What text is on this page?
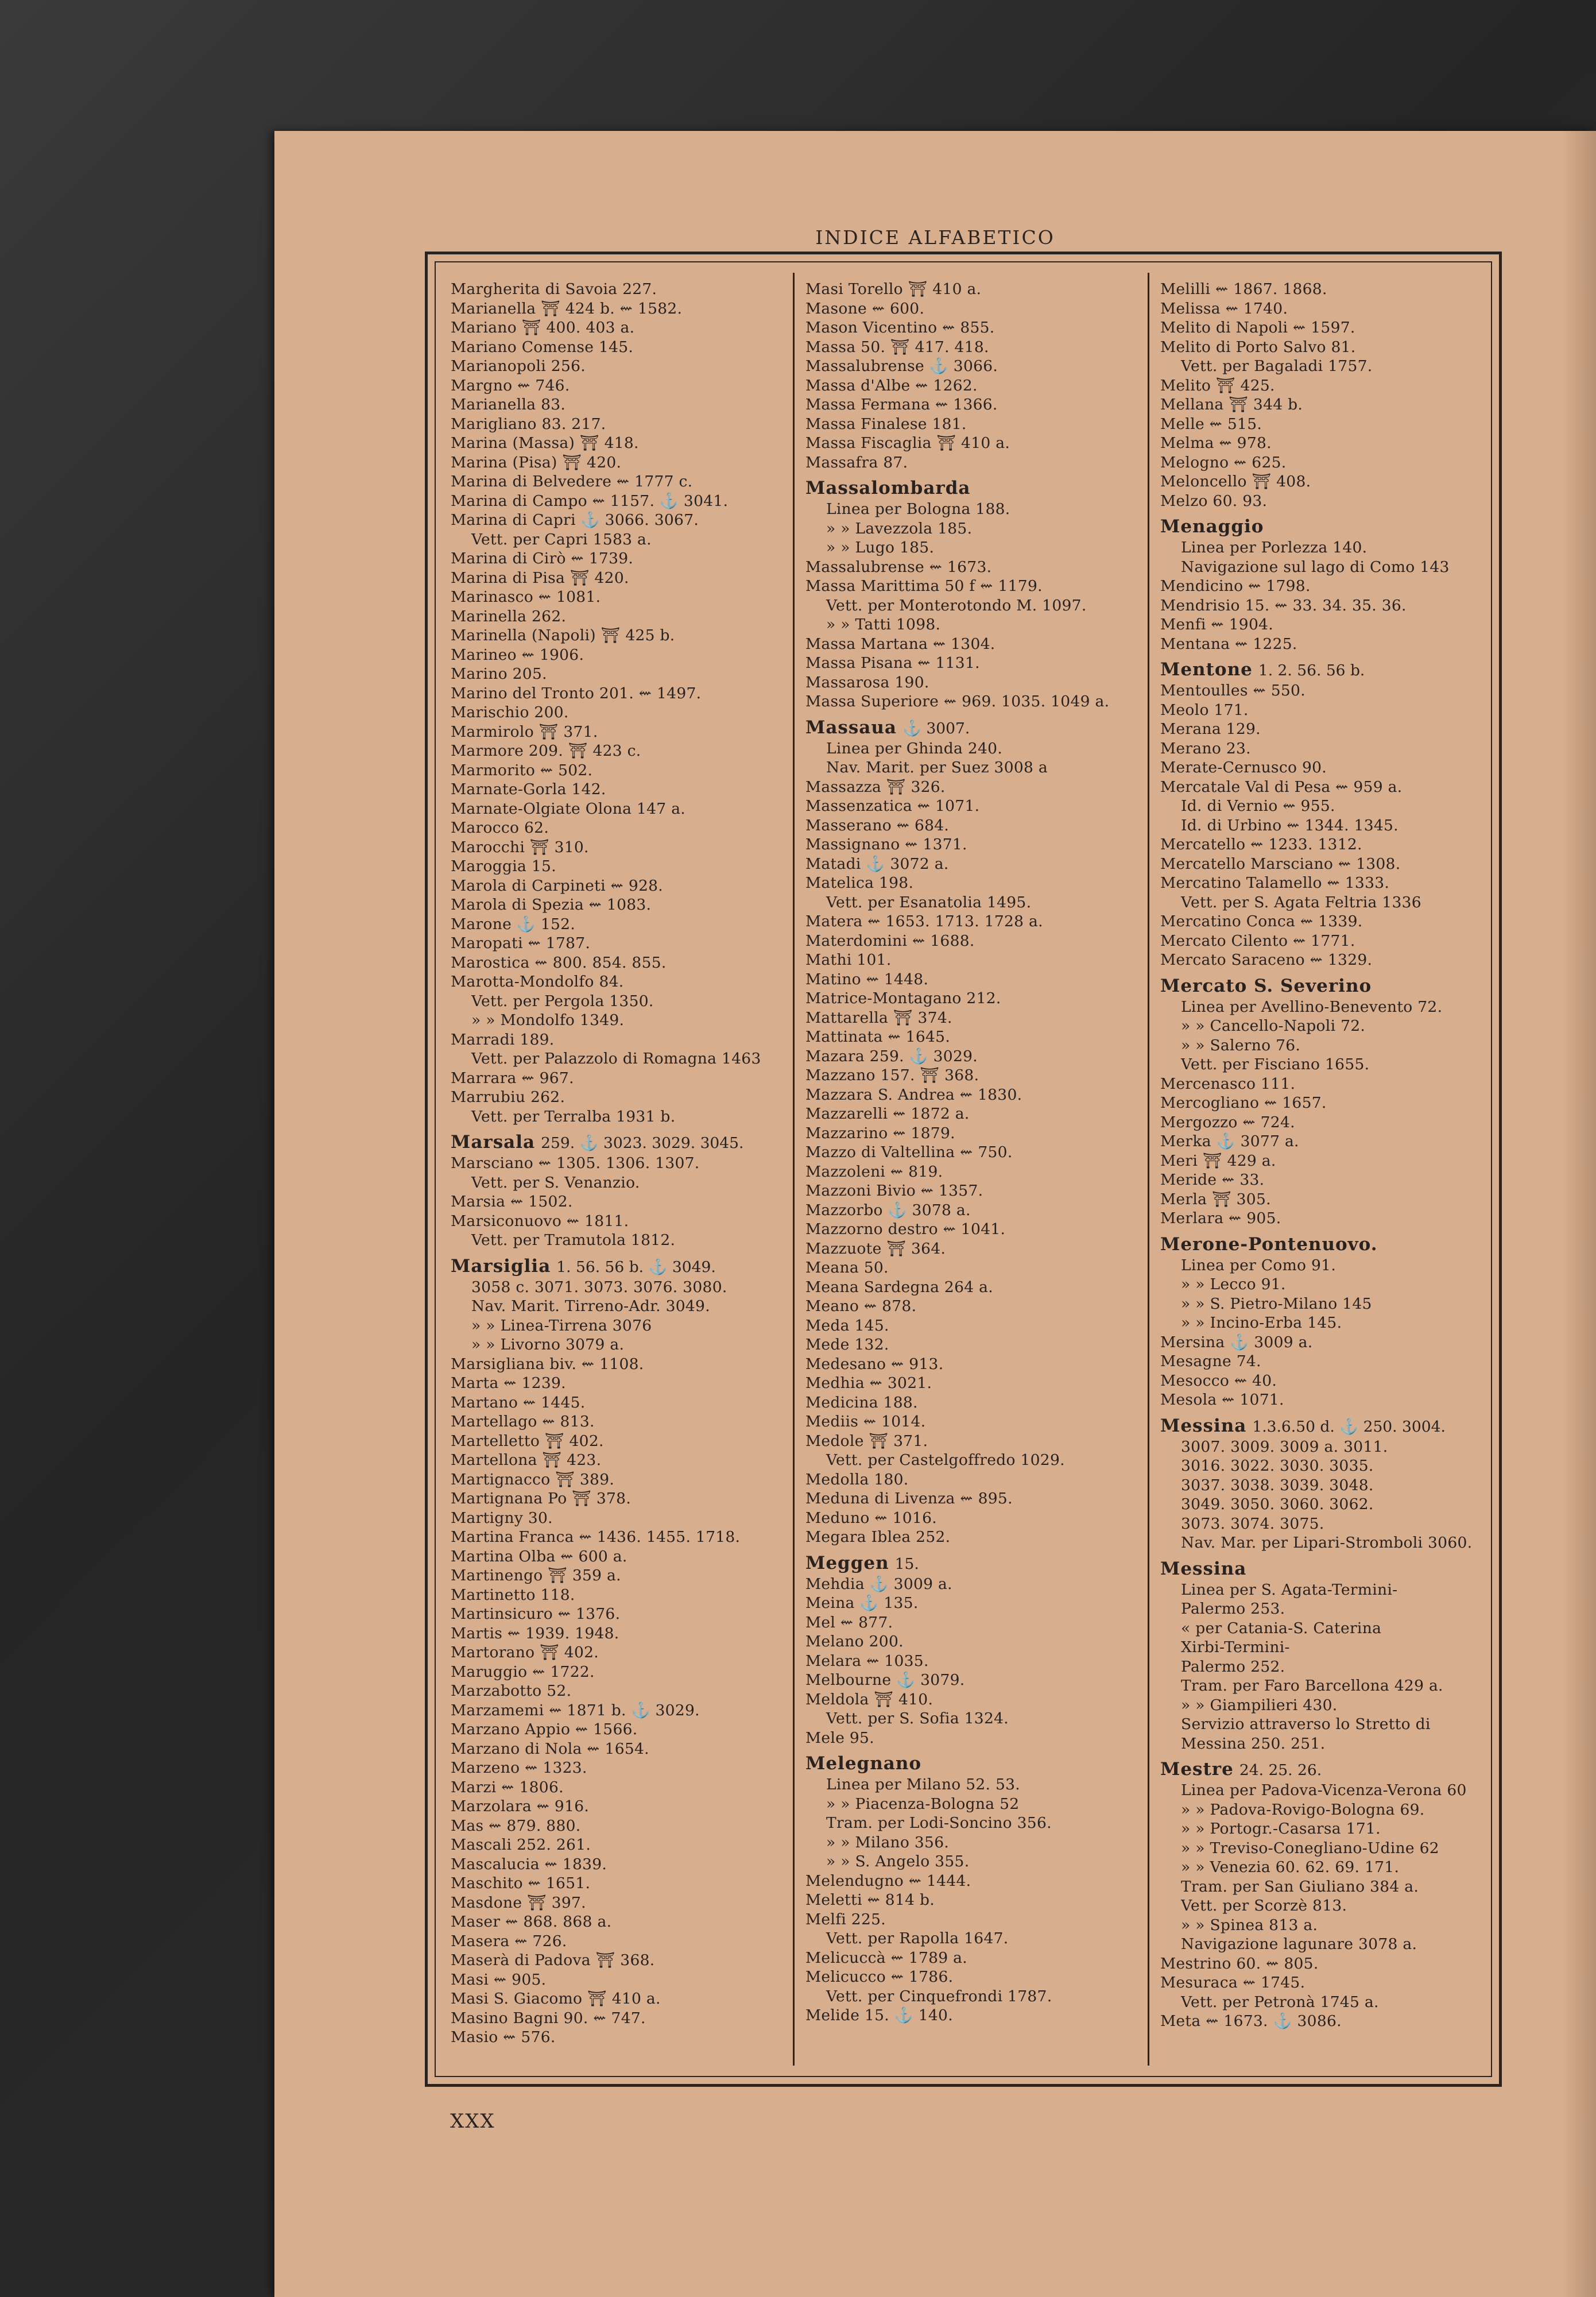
INDICE ALFABETICO
Margherita di Savoia 227.
Marianella ⛩ 424 b. ⇜ 1582.
Mariano ⛩ 400. 403 a.
Mariano Comense 145.
Marianopoli 256.
Margno ⇜ 746.
Marianella 83.
Marigliano 83. 217.
Marina (Massa) ⛩ 418.
Marina (Pisa) ⛩ 420.
Marina di Belvedere ⇜ 1777 c.
Marina di Campo ⇜ 1157. ⚓ 3041.
Marina di Capri ⚓ 3066. 3067.
Vett. per Capri 1583 a.
Marina di Cirò ⇜ 1739.
Marina di Pisa ⛩ 420.
Marinasco ⇜ 1081.
Marinella 262.
Marinella (Napoli) ⛩ 425 b.
Marineo ⇜ 1906.
Marino 205.
Marino del Tronto 201. ⇜ 1497.
Marischio 200.
Marmirolo ⛩ 371.
Marmore 209. ⛩ 423 c.
Marmorito ⇜ 502.
Marnate-Gorla 142.
Marnate-Olgiate Olona 147 a.
Marocco 62.
Marocchi ⛩ 310.
Maroggia 15.
Marola di Carpineti ⇜ 928.
Marola di Spezia ⇜ 1083.
Marone ⚓ 152.
Maropati ⇜ 1787.
Marostica ⇜ 800. 854. 855.
Marotta-Mondolfo 84.
Vett. per Pergola 1350.
» » Mondolfo 1349.
Marradi 189.
Vett. per Palazzolo di Romagna 1463
Marrara ⇜ 967.
Marrubiu 262.
Vett. per Terralba 1931 b.
Marsala 259. ⚓ 3023. 3029. 3045.
Marsciano ⇜ 1305. 1306. 1307.
Vett. per S. Venanzio.
Marsia ⇜ 1502.
Marsiconuovo ⇜ 1811.
Vett. per Tramutola 1812.
Marsiglia 1. 56. 56 b. ⚓ 3049.
3058 c. 3071. 3073. 3076. 3080.
Nav. Marit. Tirreno-Adr. 3049.
» » Linea-Tirrena 3076
» » Livorno 3079 a.
Marsigliana biv. ⇜ 1108.
Marta ⇜ 1239.
Martano ⇜ 1445.
Martellago ⇜ 813.
Martelletto ⛩ 402.
Martellona ⛩ 423.
Martignacco ⛩ 389.
Martignana Po ⛩ 378.
Martigny 30.
Martina Franca ⇜ 1436. 1455. 1718.
Martina Olba ⇜ 600 a.
Martinengo ⛩ 359 a.
Martinetto 118.
Martinsicuro ⇜ 1376.
Martis ⇜ 1939. 1948.
Martorano ⛩ 402.
Maruggio ⇜ 1722.
Marzabotto 52.
Marzamemi ⇜ 1871 b. ⚓ 3029.
Marzano Appio ⇜ 1566.
Marzano di Nola ⇜ 1654.
Marzeno ⇜ 1323.
Marzi ⇜ 1806.
Marzolara ⇜ 916.
Mas ⇜ 879. 880.
Mascali 252. 261.
Mascalucia ⇜ 1839.
Maschito ⇜ 1651.
Masdone ⛩ 397.
Maser ⇜ 868. 868 a.
Masera ⇜ 726.
Maserà di Padova ⛩ 368.
Masi ⇜ 905.
Masi S. Giacomo ⛩ 410 a.
Masino Bagni 90. ⇜ 747.
Masio ⇜ 576.
Masi Torello ⛩ 410 a.
Masone ⇜ 600.
Mason Vicentino ⇜ 855.
Massa 50. ⛩ 417. 418.
Massalubrense ⚓ 3066.
Massa d'Albe ⇜ 1262.
Massa Fermana ⇜ 1366.
Massa Finalese 181.
Massa Fiscaglia ⛩ 410 a.
Massafra 87.
Massalombarda
Linea per Bologna 188.
» » Lavezzola 185.
» » Lugo 185.
Massalubrense ⇜ 1673.
Massa Marittima 50 f ⇜ 1179.
Vett. per Monterotondo M. 1097.
» » Tatti 1098.
Massa Martana ⇜ 1304.
Massa Pisana ⇜ 1131.
Massarosa 190.
Massa Superiore ⇜ 969. 1035. 1049 a.
Massaua ⚓ 3007.
Linea per Ghinda 240.
Nav. Marit. per Suez 3008 a
Massazza ⛩ 326.
Massenzatica ⇜ 1071.
Masserano ⇜ 684.
Massignano ⇜ 1371.
Matadi ⚓ 3072 a.
Matelica 198.
Vett. per Esanatolia 1495.
Matera ⇜ 1653. 1713. 1728 a.
Materdomini ⇜ 1688.
Mathi 101.
Matino ⇜ 1448.
Matrice-Montagano 212.
Mattarella ⛩ 374.
Mattinata ⇜ 1645.
Mazara 259. ⚓ 3029.
Mazzano 157. ⛩ 368.
Mazzara S. Andrea ⇜ 1830.
Mazzarelli ⇜ 1872 a.
Mazzarino ⇜ 1879.
Mazzo di Valtellina ⇜ 750.
Mazzoleni ⇜ 819.
Mazzoni Bivio ⇜ 1357.
Mazzorbo ⚓ 3078 a.
Mazzorno destro ⇜ 1041.
Mazzuote ⛩ 364.
Meana 50.
Meana Sardegna 264 a.
Meano ⇜ 878.
Meda 145.
Mede 132.
Medesano ⇜ 913.
Medhia ⇜ 3021.
Medicina 188.
Mediis ⇜ 1014.
Medole ⛩ 371.
Vett. per Castelgoffredo 1029.
Medolla 180.
Meduna di Livenza ⇜ 895.
Meduno ⇜ 1016.
Megara Iblea 252.
Meggen 15.
Mehdia ⚓ 3009 a.
Meina ⚓ 135.
Mel ⇜ 877.
Melano 200.
Melara ⇜ 1035.
Melbourne ⚓ 3079.
Meldola ⛩ 410.
Vett. per S. Sofia 1324.
Mele 95.
Melegnano
Linea per Milano 52. 53.
» » Piacenza-Bologna 52
Tram. per Lodi-Soncino 356.
» » Milano 356.
» » S. Angelo 355.
Melendugno ⇜ 1444.
Meletti ⇜ 814 b.
Melfi 225.
Vett. per Rapolla 1647.
Melicuccà ⇜ 1789 a.
Melicucco ⇜ 1786.
Vett. per Cinquefrondi 1787.
Melide 15. ⚓ 140.
Melilli ⇜ 1867. 1868.
Melissa ⇜ 1740.
Melito di Napoli ⇜ 1597.
Melito di Porto Salvo 81.
Vett. per Bagaladi 1757.
Melito ⛩ 425.
Mellana ⛩ 344 b.
Melle ⇜ 515.
Melma ⇜ 978.
Melogno ⇜ 625.
Meloncello ⛩ 408.
Melzo 60. 93.
Menaggio
Linea per Porlezza 140.
Navigazione sul lago di Como 143
Mendicino ⇜ 1798.
Mendrisio 15. ⇜ 33. 34. 35. 36.
Menfi ⇜ 1904.
Mentana ⇜ 1225.
Mentone 1. 2. 56. 56 b.
Mentoulles ⇜ 550.
Meolo 171.
Merana 129.
Merano 23.
Merate-Cernusco 90.
Mercatale Val di Pesa ⇜ 959 a.
Id. di Vernio ⇜ 955.
Id. di Urbino ⇜ 1344. 1345.
Mercatello ⇜ 1233. 1312.
Mercatello Marsciano ⇜ 1308.
Mercatino Talamello ⇜ 1333.
Vett. per S. Agata Feltria 1336
Mercatino Conca ⇜ 1339.
Mercato Cilento ⇜ 1771.
Mercato Saraceno ⇜ 1329.
Mercato S. Severino
Linea per Avellino-Benevento 72.
» » Cancello-Napoli 72.
» » Salerno 76.
Vett. per Fisciano 1655.
Mercenasco 111.
Mercogliano ⇜ 1657.
Mergozzo ⇜ 724.
Merka ⚓ 3077 a.
Meri ⛩ 429 a.
Meride ⇜ 33.
Merla ⛩ 305.
Merlara ⇜ 905.
Merone-Pontenuovo.
Linea per Como 91.
» » Lecco 91.
» » S. Pietro-Milano 145
» » Incino-Erba 145.
Mersina ⚓ 3009 a.
Mesagne 74.
Mesocco ⇜ 40.
Mesola ⇜ 1071.
Messina 1.3.6.50 d. ⚓ 250. 3004.
3007. 3009. 3009 a. 3011.
3016. 3022. 3030. 3035.
3037. 3038. 3039. 3048.
3049. 3050. 3060. 3062.
3073. 3074. 3075.
Nav. Mar. per Lipari-Stromboli 3060.
Messina
Linea per S. Agata-Termini-
Palermo 253.
« per Catania-S. Caterina
Xirbi-Termini-
Palermo 252.
Tram. per Faro Barcellona 429 a.
» » Giampilieri 430.
Servizio attraverso lo Stretto di
Messina 250. 251.
Mestre 24. 25. 26.
Linea per Padova-Vicenza-Verona 60
» » Padova-Rovigo-Bologna 69.
» » Portogr.-Casarsa 171.
» » Treviso-Conegliano-Udine 62
» » Venezia 60. 62. 69. 171.
Tram. per San Giuliano 384 a.
Vett. per Scorzè 813.
» » Spinea 813 a.
Navigazione lagunare 3078 a.
Mestrino 60. ⇜ 805.
Mesuraca ⇜ 1745.
Vett. per Petronà 1745 a.
Meta ⇜ 1673. ⚓ 3086.
XXX
